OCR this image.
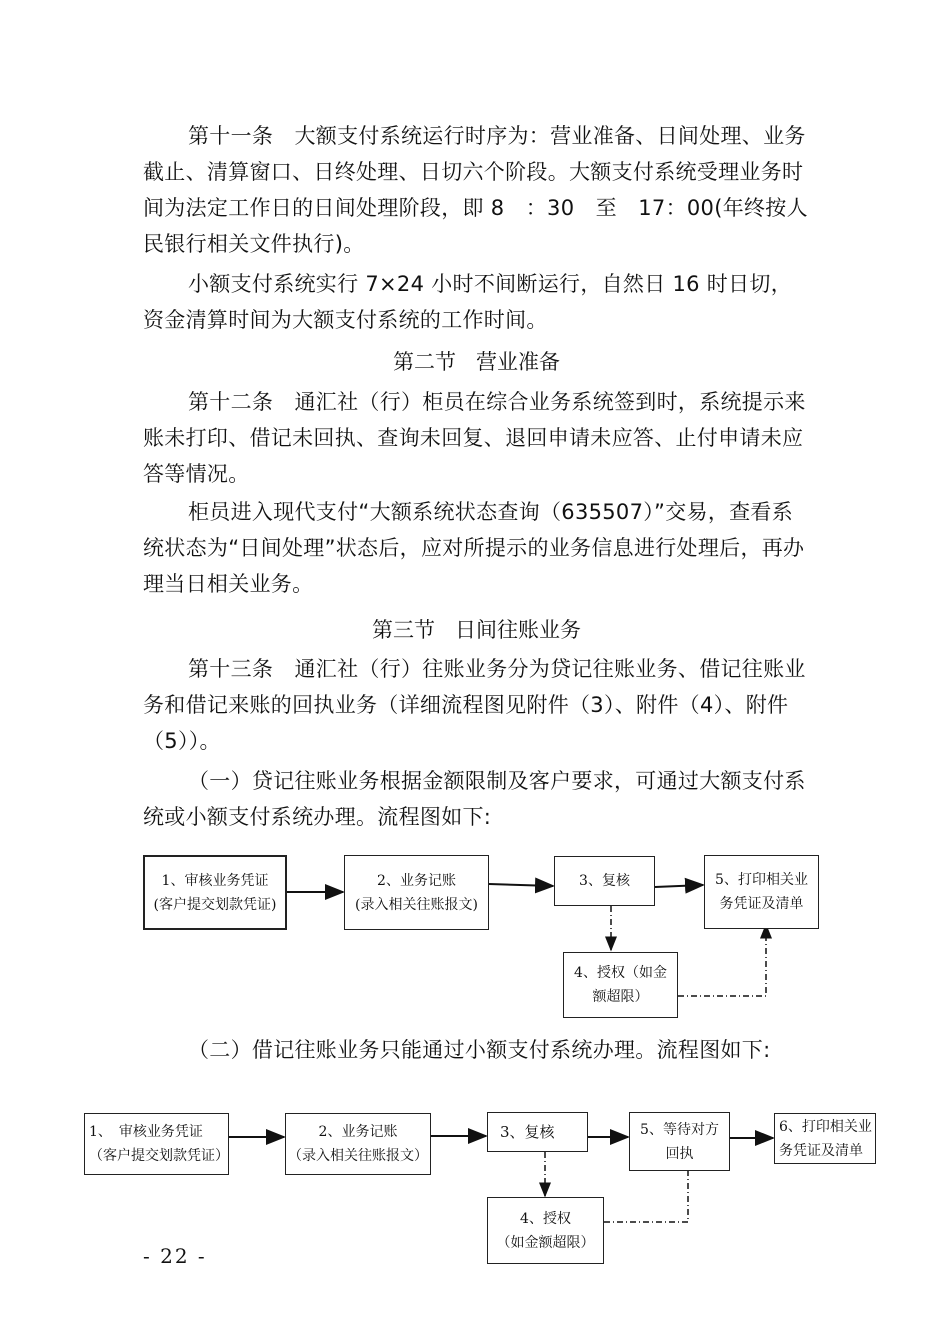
第十一条　大额支付系统运行时序为：营业准备、日间处理、业务截止、清算窗口、日终处理、日切六个阶段。大额支付系统受理业务时间为法定工作日的日间处理阶段，即 8　：30　至　17：00(年终按人民银行相关文件执行)。

小额支付系统实行 7×24 小时不间断运行，自然日 16 时日切，资金清算时间为大额支付系统的工作时间。

第二节 营业准备

第十二条　通汇社（行）柜员在综合业务系统签到时，系统提示来账未打印、借记未回执、查询未回复、退回申请未应答、止付申请未应答等情况。

柜员进入现代支付“大额系统状态查询（635507）”交易，查看系统状态为“日间处理”状态后，应对所提示的业务信息进行处理后，再办理当日相关业务。

第三节 日间往账业务

第十三条　通汇社（行）往账业务分为贷记往账业务、借记往账业务和借记来账的回执业务（详细流程图见附件（3）、附件（4）、附件（5））。

（一）贷记往账业务根据金额限制及客户要求，可通过大额支付系统或小额支付系统办理。流程图如下:

1、审核业务凭证
(客户提交划款凭证)
2、业务记账
(录入相关往账报文)
3、复核
4、授权（如金
额超限）
5、打印相关业
务凭证及清单

（二）借记往账业务只能通过小额支付系统办理。流程图如下:

1、　审核业务凭证
（客户提交划款凭证）
2、业务记账
（录入相关往账报文）
3、复核
4、授权
（如金额超限）
5、等待对方
回执
6、打印相关业
务凭证及清单
- 22 -
